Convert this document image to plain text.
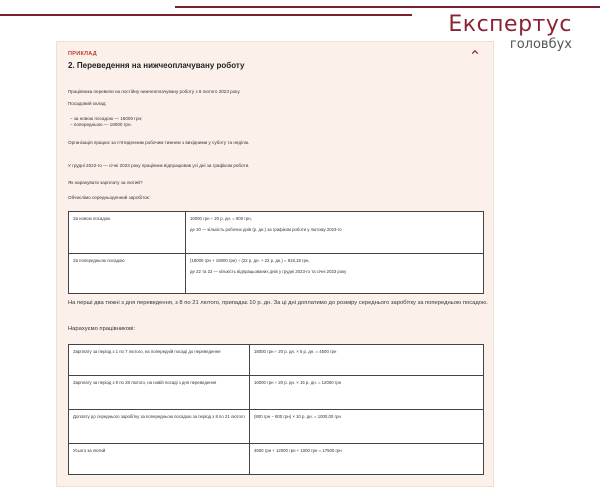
Експертус
головбух
ПРИКЛАД
2. Переведення на нижчеоплачувану роботу

Працівника перевели на постійну нижчеоплачувану роботу з 8 лютого 2023 року.

Посадовий оклад:

– за новою посадою — 16000 грн;

– попередньою — 18000 грн.

Організація працює за п’ятиденним робочим тижнем з вихідними у суботу та неділю.

У грудні 2022-го — січні 2023 року працівник відпрацював усі дні за графіком роботи.

Як нарахувати зарплату за лютий?

Обчислімо середньоденний заробіток:

За новою посадою	16000 грн ÷ 20 р. дн. = 800 грн,
де 20 — кількість робочих днів (р. дн.) за графіком роботи у лютому 2023-го

За попередньою посадою	(18000 грн + 18000 грн) ÷ (22 р. дн. + 22 р. дн.) = 818,18 грн,
де 22 та 22 — кількість відпрацьованих днів у грудні 2023-го та січні 2023 року

На перші два тижні з дня переведення, з 8 по 21 лютого, припадає 10 р. дн. За ці дні доплатимо до розміру середнього заробітку за попередньою посадою.

Нарахуємо працівникові:

Зарплату за період з 1 по 7 лютого, на попередній посаді до переведення	18000 грн ÷ 20 р. дн. × 5 р. дн. = 4500 грн
Зарплату за період з 8 по 28 лютого, на новій посаді з дня переведення	16000 грн ÷ 20 р. дн. × 15 р. дн. = 12000 грн
Доплату до середнього заробітку за попередньою посадою за період з 8 по 21 лютого	(900 грн − 800 грн) × 10 р. дн. = 1000,00 грн
Усього за лютий	4500 грн + 12000 грн + 1000 грн = 17500 грн
